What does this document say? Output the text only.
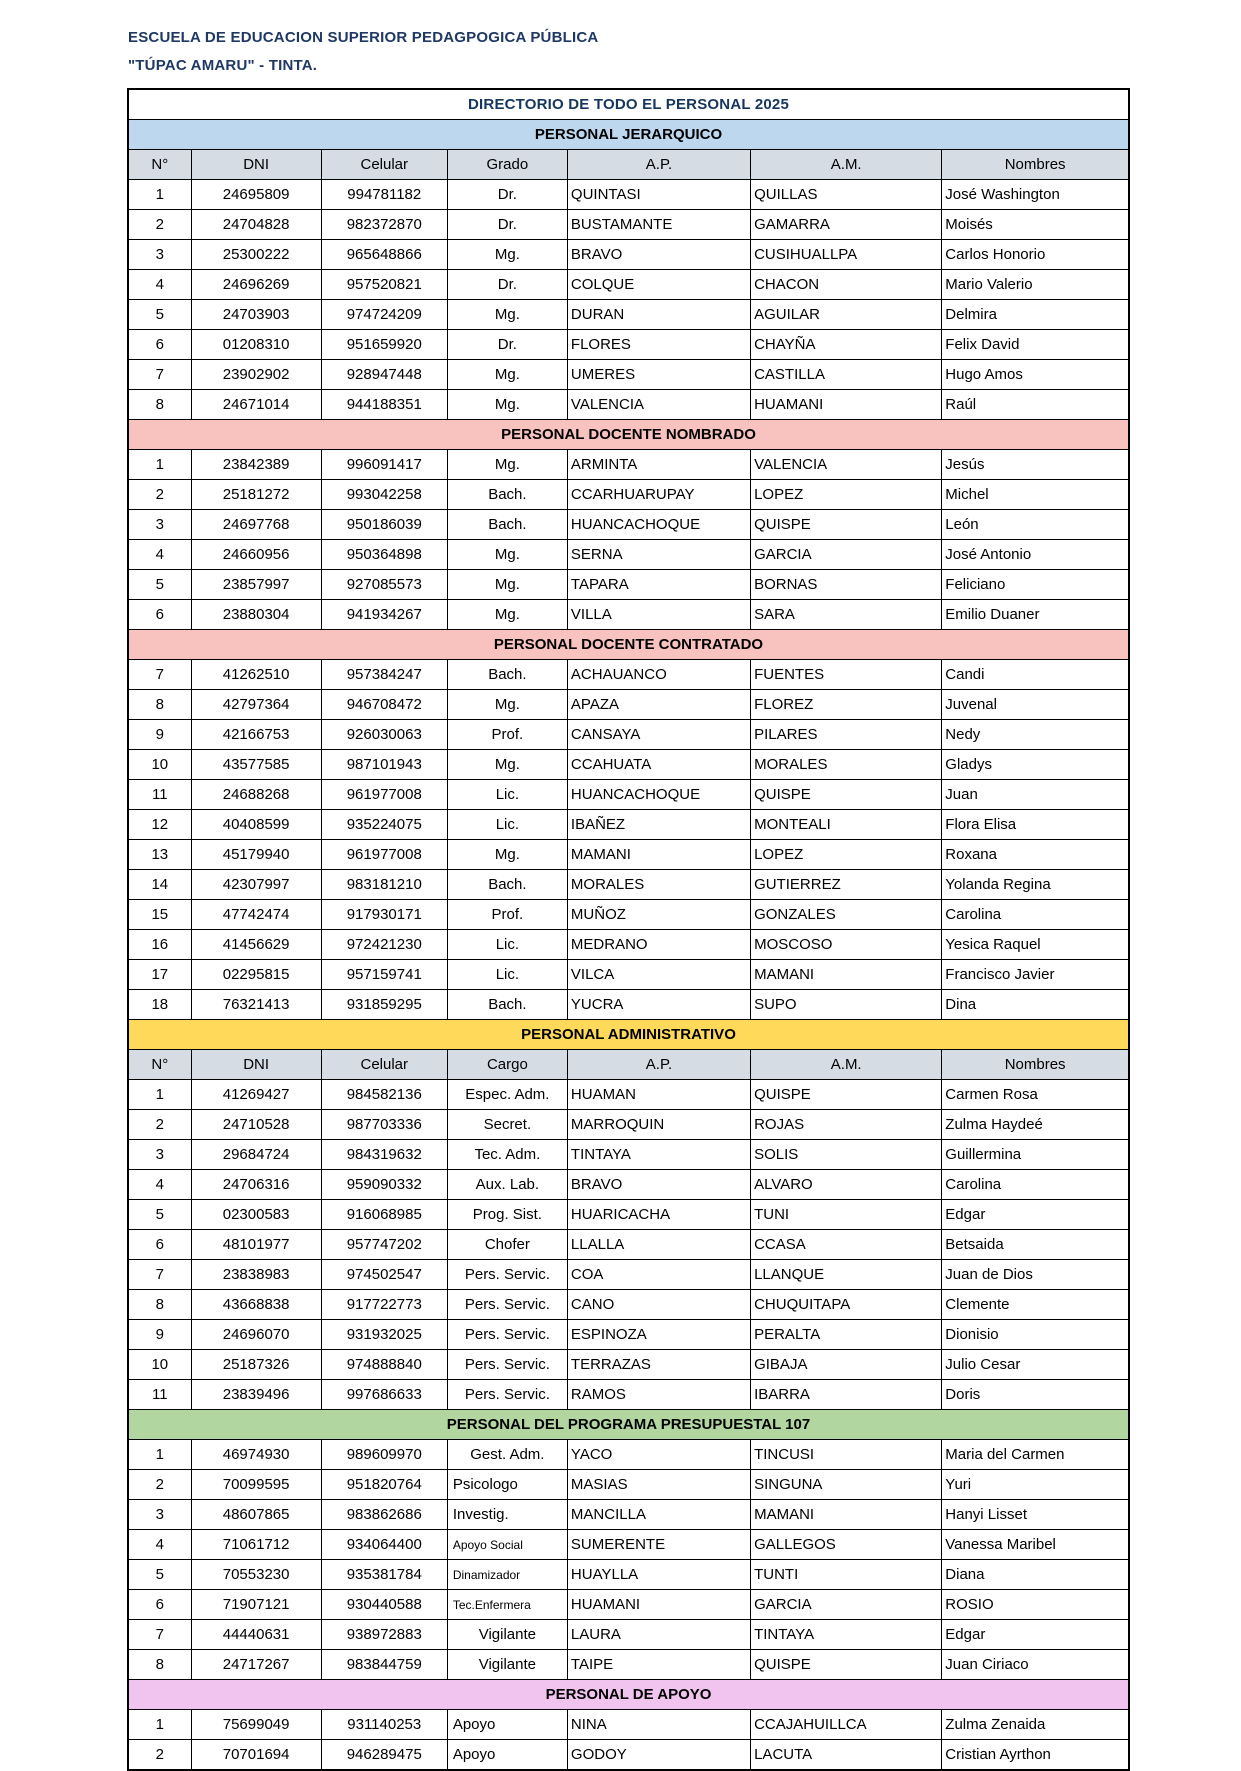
ESCUELA DE EDUCACION SUPERIOR PEDAGPOGICA PÚBLICA
"TÚPAC AMARU" - TINTA.
DIRECTORIO DE TODO EL PERSONAL 2025						
PERSONAL JERARQUICO						
N°	DNI	Celular	Grado	A.P.	A.M.	Nombres
1	24695809	994781182	Dr.	QUINTASI	QUILLAS	José Washington
2	24704828	982372870	Dr.	BUSTAMANTE	GAMARRA	Moisés
3	25300222	965648866	Mg.	BRAVO	CUSIHUALLPA	Carlos Honorio
4	24696269	957520821	Dr.	COLQUE	CHACON	Mario Valerio
5	24703903	974724209	Mg.	DURAN	AGUILAR	Delmira
6	01208310	951659920	Dr.	FLORES	CHAYÑA	Felix David
7	23902902	928947448	Mg.	UMERES	CASTILLA	Hugo Amos
8	24671014	944188351	Mg.	VALENCIA	HUAMANI	Raúl
PERSONAL DOCENTE NOMBRADO						
1	23842389	996091417	Mg.	ARMINTA	VALENCIA	Jesús
2	25181272	993042258	Bach.	CCARHUARUPAY	LOPEZ	Michel
3	24697768	950186039	Bach.	HUANCACHOQUE	QUISPE	León
4	24660956	950364898	Mg.	SERNA	GARCIA	José Antonio
5	23857997	927085573	Mg.	TAPARA	BORNAS	Feliciano
6	23880304	941934267	Mg.	VILLA	SARA	Emilio Duaner
PERSONAL DOCENTE CONTRATADO						
7	41262510	957384247	Bach.	ACHAUANCO	FUENTES	Candi
8	42797364	946708472	Mg.	APAZA	FLOREZ	Juvenal
9	42166753	926030063	Prof.	CANSAYA	PILARES	Nedy
10	43577585	987101943	Mg.	CCAHUATA	MORALES	Gladys
11	24688268	961977008	Lic.	HUANCACHOQUE	QUISPE	Juan
12	40408599	935224075	Lic.	IBAÑEZ	MONTEALI	Flora Elisa
13	45179940	961977008	Mg.	MAMANI	LOPEZ	Roxana
14	42307997	983181210	Bach.	MORALES	GUTIERREZ	Yolanda Regina
15	47742474	917930171	Prof.	MUÑOZ	GONZALES	Carolina
16	41456629	972421230	Lic.	MEDRANO	MOSCOSO	Yesica Raquel
17	02295815	957159741	Lic.	VILCA	MAMANI	Francisco Javier
18	76321413	931859295	Bach.	YUCRA	SUPO	Dina
PERSONAL ADMINISTRATIVO						
N°	DNI	Celular	Cargo	A.P.	A.M.	Nombres
1	41269427	984582136	Espec. Adm.	HUAMAN	QUISPE	Carmen Rosa
2	24710528	987703336	Secret.	MARROQUIN	ROJAS	Zulma Haydeé
3	29684724	984319632	Tec. Adm.	TINTAYA	SOLIS	Guillermina
4	24706316	959090332	Aux. Lab.	BRAVO	ALVARO	Carolina
5	02300583	916068985	Prog. Sist.	HUARICACHA	TUNI	Edgar
6	48101977	957747202	Chofer	LLALLA	CCASA	Betsaida
7	23838983	974502547	Pers. Servic.	COA	LLANQUE	Juan de Dios
8	43668838	917722773	Pers. Servic.	CANO	CHUQUITAPA	Clemente
9	24696070	931932025	Pers. Servic.	ESPINOZA	PERALTA	Dionisio
10	25187326	974888840	Pers. Servic.	TERRAZAS	GIBAJA	Julio Cesar
11	23839496	997686633	Pers. Servic.	RAMOS	IBARRA	Doris
PERSONAL DEL PROGRAMA PRESUPUESTAL 107						
1	46974930	989609970	Gest. Adm.	YACO	TINCUSI	Maria del Carmen
2	70099595	951820764	Psicologo	MASIAS	SINGUNA	Yuri
3	48607865	983862686	Investig.	MANCILLA	MAMANI	Hanyi Lisset
4	71061712	934064400	Apoyo Social	SUMERENTE	GALLEGOS	Vanessa Maribel
5	70553230	935381784	Dinamizador	HUAYLLA	TUNTI	Diana
6	71907121	930440588	Tec.Enfermera	HUAMANI	GARCIA	ROSIO
7	44440631	938972883	Vigilante	LAURA	TINTAYA	Edgar
8	24717267	983844759	Vigilante	TAIPE	QUISPE	Juan Ciriaco
PERSONAL DE APOYO						
1	75699049	931140253	Apoyo	NINA	CCAJAHUILLCA	Zulma Zenaida
2	70701694	946289475	Apoyo	GODOY	LACUTA	Cristian Ayrthon
